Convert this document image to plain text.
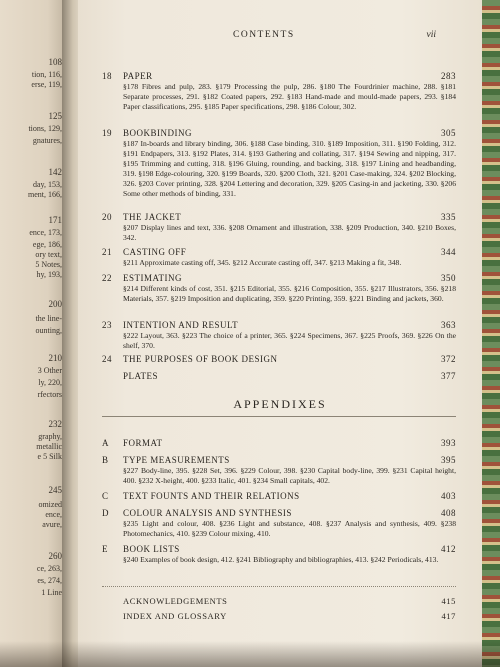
108
tion, 116,
erse, 119,
125
tions, 129,
gnatures,
142
day, 153,
ment, 166,
171
ence, 173,
ege, 186,
ory text,
5 Notes,
hy, 193,
200
the line-
ounting,
210
3 Other
ly, 220,
rfectors
232
graphy,
metallic
e 5 Silk
245
omized
ence,
avure,
260
ce, 263,
es, 274,
1 Line
CONTENTS	vii
18 PAPER	283
§178 Fibres and pulp, 283. §179 Processing the pulp, 286. §180 The Fourdrinier machine, 288. §181 Separate processes, 291. §182 Coated papers, 292. §183 Hand-made and mould-made papers, 293. §184 Paper classifications, 295. §185 Paper specifications, 298. §186 Colour, 302.
19 BOOKBINDING	305
§187 In-boards and library binding, 306. §188 Case binding, 310. §189 Imposition, 311. §190 Folding, 312. §191 Endpapers, 313. §192 Plates, 314. §193 Gathering and collating, 317. §194 Sewing and nipping, 317. §195 Trimming and cutting, 318. §196 Gluing, rounding, and backing, 318. §197 Lining and headbanding, 319. §198 Edge-colouring, 320. §199 Boards, 320. §200 Cloth, 321. §201 Case-making, 324. §202 Blocking, 326. §203 Cover printing, 328. §204 Lettering and decoration, 329. §205 Casing-in and jacketing, 330. §206 Some other methods of binding, 331.
20 THE JACKET	335
§207 Display lines and text, 336. §208 Ornament and illustration, 338. §209 Production, 340. §210 Boxes, 342.
21 CASTING OFF	344
§211 Approximate casting off, 345. §212 Accurate casting off, 347. §213 Making a fit, 348.
22 ESTIMATING	350
§214 Different kinds of cost, 351. §215 Editorial, 355. §216 Composition, 355. §217 Illustrators, 356. §218 Materials, 357. §219 Imposition and duplicating, 359. §220 Printing, 359. §221 Binding and jackets, 360.
23 INTENTION AND RESULT	363
§222 Layout, 363. §223 The choice of a printer, 365. §224 Specimens, 367. §225 Proofs, 369. §226 On the shelf, 370.
24 THE PURPOSES OF BOOK DESIGN	372
PLATES	377
APPENDIXES
A FORMAT	393
B TYPE MEASUREMENTS	395
§227 Body-line, 395. §228 Set, 396. §229 Colour, 398. §230 Capital body-line, 399. §231 Capital height, 400. §232 X-height, 400. §233 Italic, 401. §234 Small capitals, 402.
C TEXT FOUNTS AND THEIR RELATIONS	403
D COLOUR ANALYSIS AND SYNTHESIS	408
§235 Light and colour, 408. §236 Light and substance, 408. §237 Analysis and synthesis, 409. §238 Photomechanics, 410. §239 Colour mixing, 410.
E BOOK LISTS	412
§240 Examples of book design, 412. §241 Bibliography and bibliographies, 413. §242 Periodicals, 413.
ACKNOWLEDGEMENTS	415
INDEX AND GLOSSARY	417
